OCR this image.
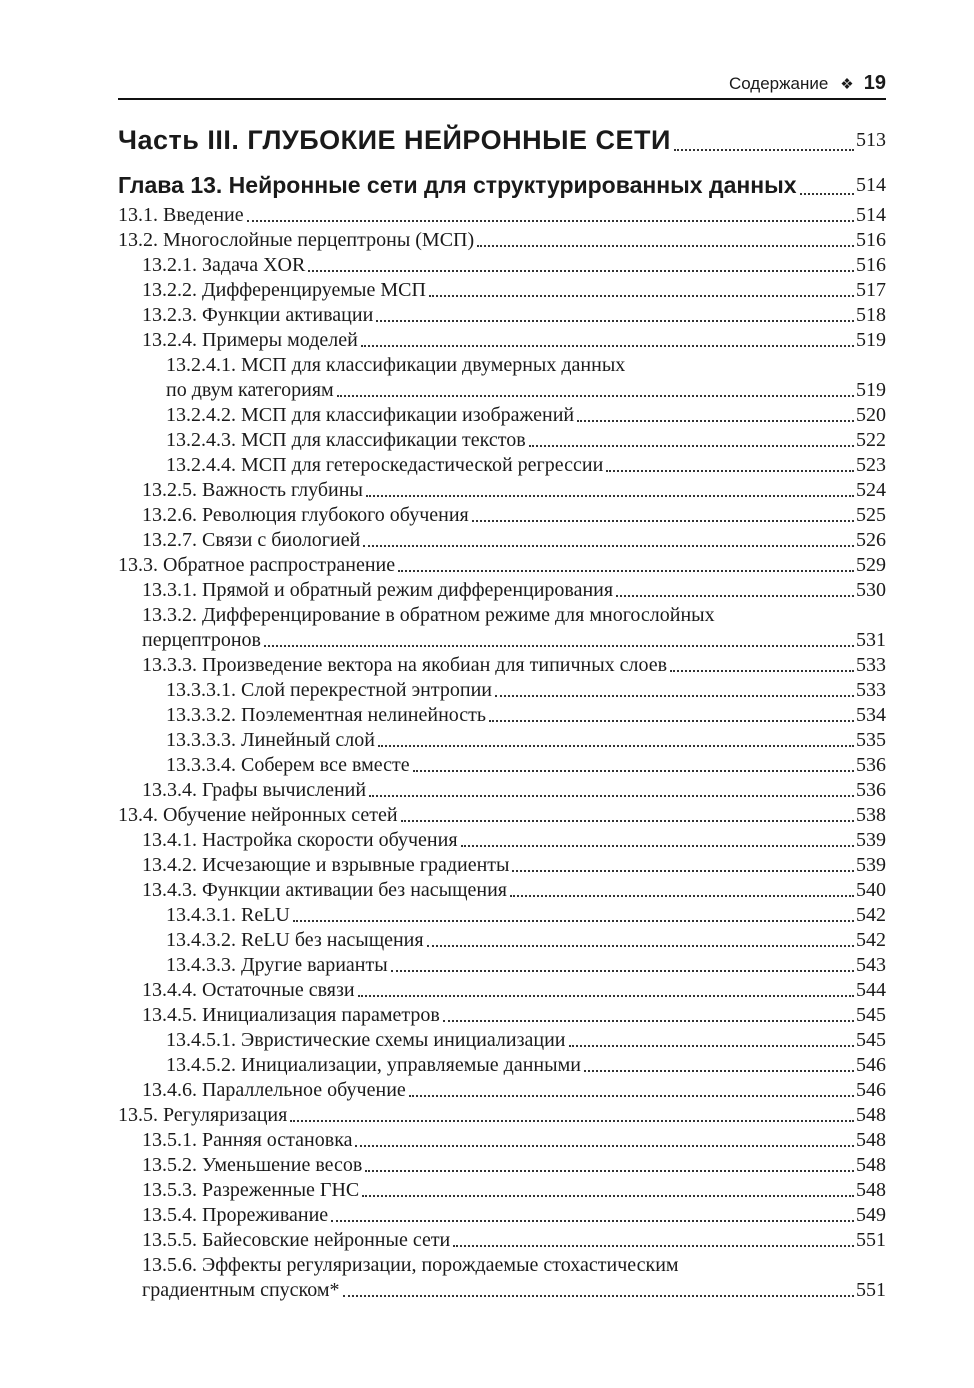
Содержание ❖ 19
Часть III. ГЛУБОКИЕ НЕЙРОННЫЕ СЕТИ	513
Глава 13. Нейронные сети для структурированных данных	514
13.1. Введение	514
13.2. Многослойные перцептроны (МСП)	516
13.2.1. Задача XOR	516
13.2.2. Дифференцируемые МСП	517
13.2.3. Функции активации	518
13.2.4. Примеры моделей	519
13.2.4.1. МСП для классификации двумерных данных
по двум категориям	519
13.2.4.2. МСП для классификации изображений	520
13.2.4.3. МСП для классификации текстов	522
13.2.4.4. МСП для гетероскедастической регрессии	523
13.2.5. Важность глубины	524
13.2.6. Революция глубокого обучения	525
13.2.7. Связи с биологией	526
13.3. Обратное распространение	529
13.3.1. Прямой и обратный режим дифференцирования	530
13.3.2. Дифференцирование в обратном режиме для многослойных
перцептронов	531
13.3.3. Произведение вектора на якобиан для типичных слоев	533
13.3.3.1. Слой перекрестной энтропии	533
13.3.3.2. Поэлементная нелинейность	534
13.3.3.3. Линейный слой	535
13.3.3.4. Соберем все вместе	536
13.3.4. Графы вычислений	536
13.4. Обучение нейронных сетей	538
13.4.1. Настройка скорости обучения	539
13.4.2. Исчезающие и взрывные градиенты	539
13.4.3. Функции активации без насыщения	540
13.4.3.1. ReLU	542
13.4.3.2. ReLU без насыщения	542
13.4.3.3. Другие варианты	543
13.4.4. Остаточные связи	544
13.4.5. Инициализация параметров	545
13.4.5.1. Эвристические схемы инициализации	545
13.4.5.2. Инициализации, управляемые данными	546
13.4.6. Параллельное обучение	546
13.5. Регуляризация	548
13.5.1. Ранняя остановка	548
13.5.2. Уменьшение весов	548
13.5.3. Разреженные ГНС	548
13.5.4. Прореживание	549
13.5.5. Байесовские нейронные сети	551
13.5.6. Эффекты регуляризации, порождаемые стохастическим
градиентным спуском*	551
